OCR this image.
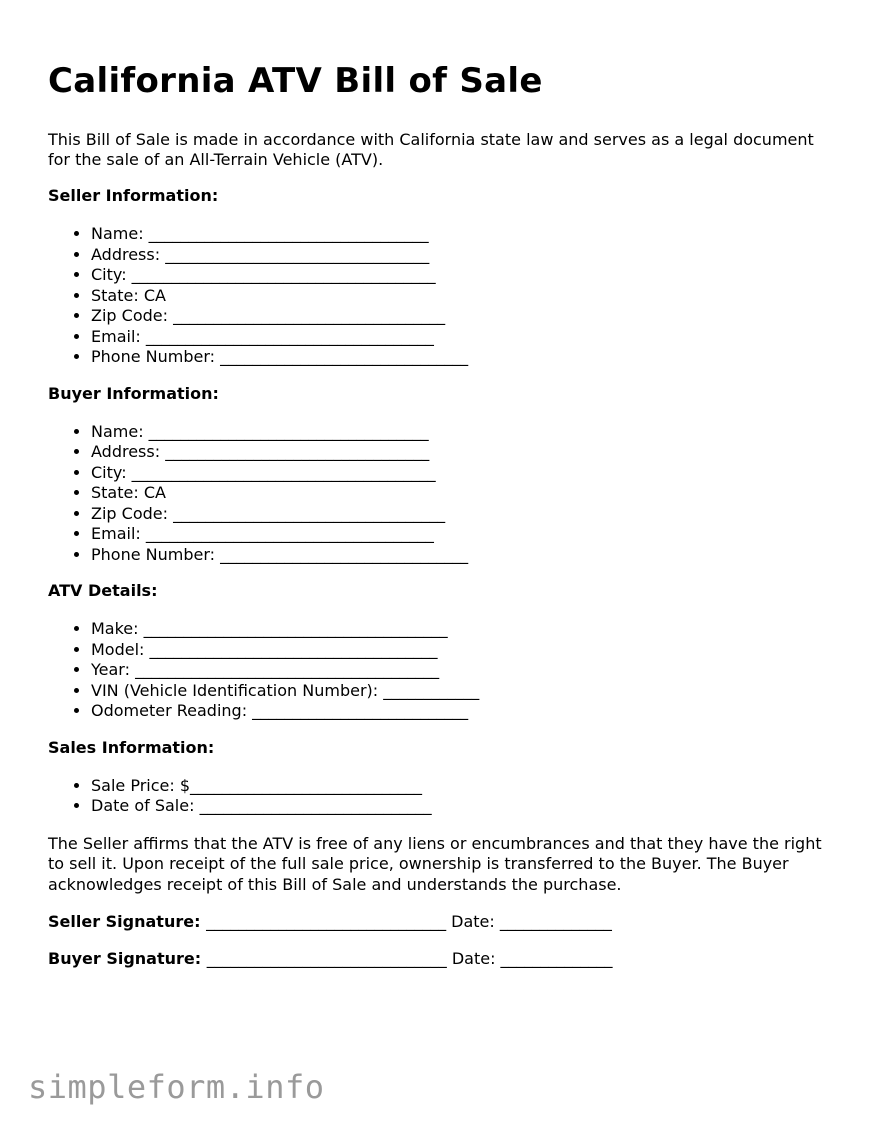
California ATV Bill of Sale

This Bill of Sale is made in accordance with California state law and serves as a legal document for the sale of an All-Terrain Vehicle (ATV).

Seller Information:
• Name: ___________________________________
• Address: _________________________________
• City: ______________________________________
• State: CA
• Zip Code: __________________________________
• Email: ____________________________________
• Phone Number: _______________________________
Buyer Information:
• Name: ___________________________________
• Address: _________________________________
• City: ______________________________________
• State: CA
• Zip Code: __________________________________
• Email: ____________________________________
• Phone Number: _______________________________
ATV Details:
• Make: ______________________________________
• Model: ____________________________________
• Year: ______________________________________
• VIN (Vehicle Identification Number): ____________
• Odometer Reading: ___________________________
Sales Information:
• Sale Price: $_____________________________
• Date of Sale: _____________________________

The Seller affirms that the ATV is free of any liens or encumbrances and that they have the right to sell it. Upon receipt of the full sale price, ownership is transferred to the Buyer. The Buyer acknowledges receipt of this Bill of Sale and understands the purchase.

Seller Signature: ______________________________ Date: ______________
Buyer Signature: ______________________________ Date: ______________
simpleform.info
